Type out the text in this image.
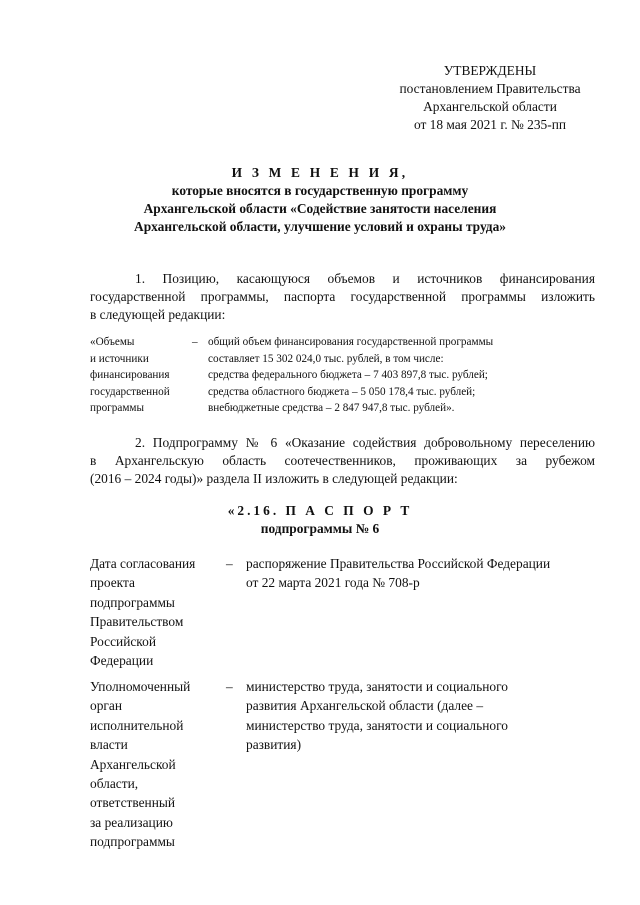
УТВЕРЖДЕНЫ
постановлением Правительства
Архангельской области
от 18 мая 2021 г. № 235-пп
И З М Е Н Е Н И Я,
которые вносятся в государственную программу
Архангельской области «Содействие занятости населения
Архангельской области, улучшение условий и охраны труда»
1. Позицию, касающуюся объемов и источников финансирования
государственной программы, паспорта государственной программы изложить
в следующей редакции:
«Объемы
и источники
финансирования
государственной
программы
– общий объем финансирования государственной программы
составляет 15 302 024,0 тыс. рублей, в том числе:
средства федерального бюджета – 7 403 897,8 тыс. рублей;
средства областного бюджета – 5 050 178,4 тыс. рублей;
внебюджетные средства – 2 847 947,8 тыс. рублей».
2. Подпрограмму № 6 «Оказание содействия добровольному переселению
в Архангельскую область соотечественников, проживающих за рубежом
(2016 – 2024 годы)» раздела II изложить в следующей редакции:
«2.16. П А С П О Р Т
подпрограммы № 6
Дата согласования
проекта
подпрограммы
Правительством
Российской
Федерации
– распоряжение Правительства Российской Федерации
от 22 марта 2021 года № 708-р
Уполномоченный
орган
исполнительной
власти
Архангельской
области,
ответственный
за реализацию
подпрограммы
– министерство труда, занятости и социального
развития Архангельской области (далее –
министерство труда, занятости и социального
развития)
